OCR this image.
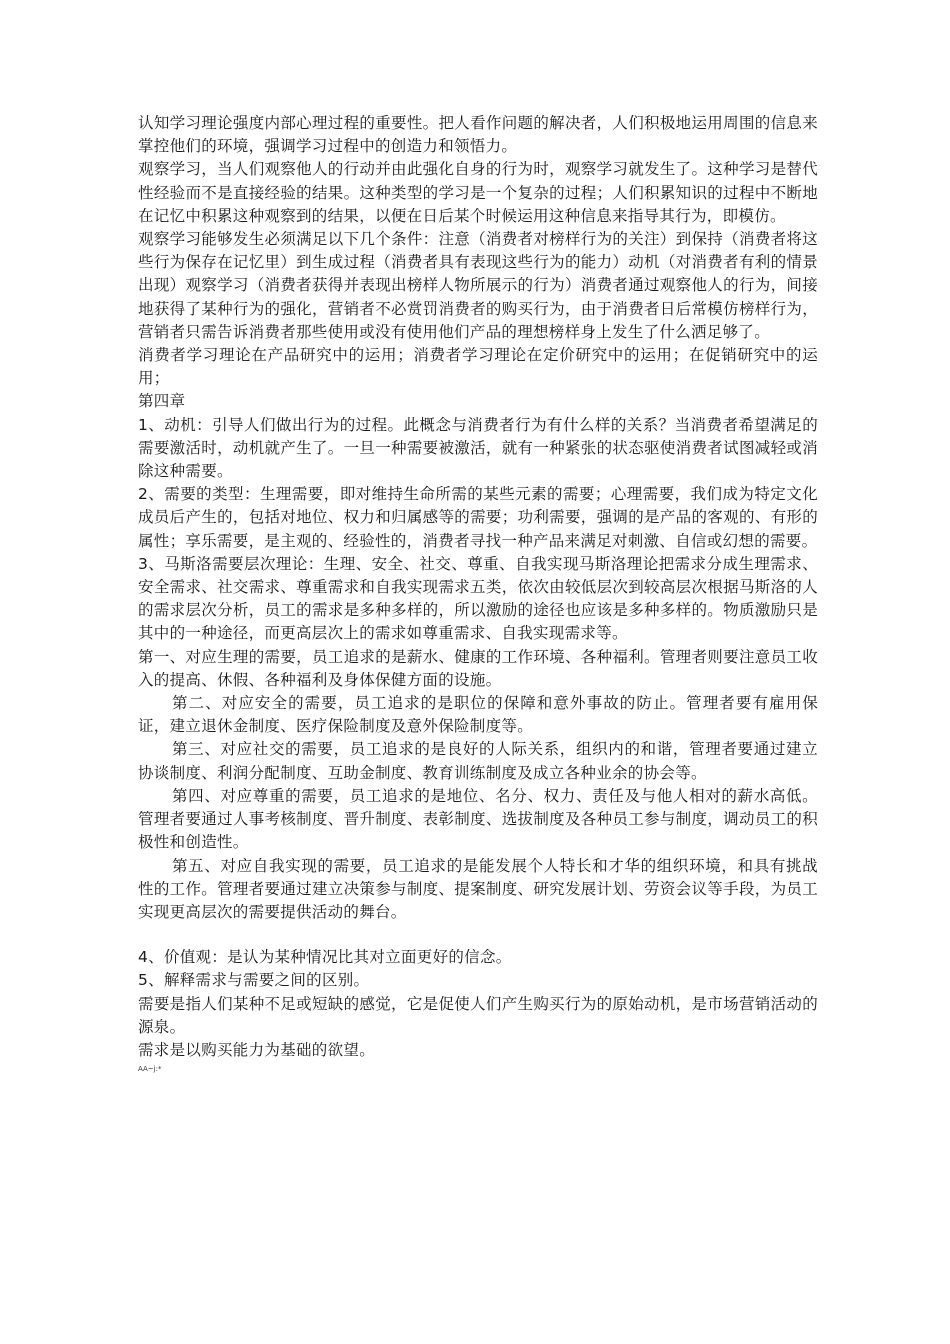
认知学习理论强度内部心理过程的重要性。把人看作问题的解决者，人们积极地运用周围的信息来掌控他们的环境，强调学习过程中的创造力和领悟力。

观察学习，当人们观察他人的行动并由此强化自身的行为时，观察学习就发生了。这种学习是替代性经验而不是直接经验的结果。这种类型的学习是一个复杂的过程；人们积累知识的过程中不断地在记忆中积累这种观察到的结果，以便在日后某个时候运用这种信息来指导其行为，即模仿。

观察学习能够发生必须满足以下几个条件：注意（消费者对榜样行为的关注）到保持（消费者将这些行为保存在记忆里）到生成过程（消费者具有表现这些行为的能力）动机（对消费者有利的情景出现）观察学习（消费者获得并表现出榜样人物所展示的行为）消费者通过观察他人的行为，间接地获得了某种行为的强化，营销者不必赏罚消费者的购买行为，由于消费者日后常模仿榜样行为，营销者只需告诉消费者那些使用或没有使用他们产品的理想榜样身上发生了什么洒足够了。

消费者学习理论在产品研究中的运用；消费者学习理论在定价研究中的运用；在促销研究中的运用；

第四章

1、动机：引导人们做出行为的过程。此概念与消费者行为有什么样的关系？当消费者希望满足的需要激活时，动机就产生了。一旦一种需要被激活，就有一种紧张的状态驱使消费者试图减轻或消除这种需要。

2、需要的类型：生理需要，即对维持生命所需的某些元素的需要；心理需要，我们成为特定文化成员后产生的，包括对地位、权力和归属感等的需要；功利需要，强调的是产品的客观的、有形的属性；享乐需要，是主观的、经验性的，消费者寻找一种产品来满足对刺激、自信或幻想的需要。

3、马斯洛需要层次理论：生理、安全、社交、尊重、自我实现马斯洛理论把需求分成生理需求、安全需求、社交需求、尊重需求和自我实现需求五类，依次由较低层次到较高层次根据马斯洛的人的需求层次分析，员工的需求是多种多样的，所以激励的途径也应该是多种多样的。物质激励只是其中的一种途径，而更高层次上的需求如尊重需求、自我实现需求等。

第一、对应生理的需要，员工追求的是薪水、健康的工作环境、各种福利。管理者则要注意员工收入的提高、休假、各种福利及身体保健方面的设施。

第二、对应安全的需要，员工追求的是职位的保障和意外事故的防止。管理者要有雇用保证，建立退休金制度、医疗保险制度及意外保险制度等。

第三、对应社交的需要，员工追求的是良好的人际关系，组织内的和谐，管理者要通过建立协谈制度、利润分配制度、互助金制度、教育训练制度及成立各种业余的协会等。

第四、对应尊重的需要，员工追求的是地位、名分、权力、责任及与他人相对的薪水高低。管理者要通过人事考核制度、晋升制度、表彰制度、选拔制度及各种员工参与制度，调动员工的积极性和创造性。

第五、对应自我实现的需要，员工追求的是能发展个人特长和才华的组织环境，和具有挑战性的工作。管理者要通过建立决策参与制度、提案制度、研究发展计划、劳资会议等手段，为员工实现更高层次的需要提供活动的舞台。

4、价值观：是认为某种情况比其对立面更好的信念。

5、解释需求与需要之间的区别。

需要是指人们某种不足或短缺的感觉，它是促使人们产生购买行为的原始动机，是市场营销活动的源泉。

需求是以购买能力为基础的欲望。

AA~j:*
